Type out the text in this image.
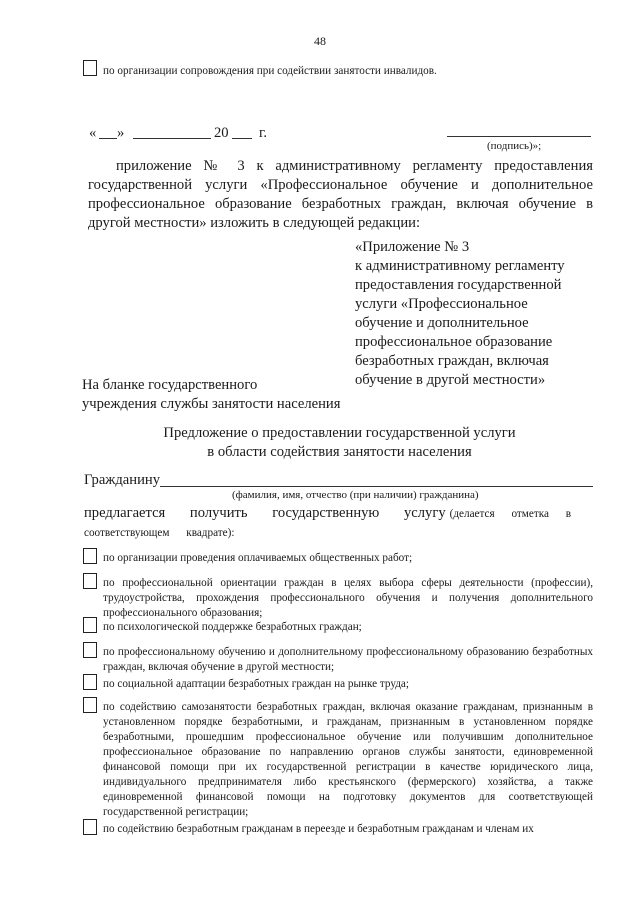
48
по организации сопровождения при содействии занятости инвалидов.
« »	20 г.
(подпись)»;
приложение № 3 к административному регламенту предоставления государственной услуги «Профессиональное обучение и дополнительное профессиональное образование безработных граждан, включая обучение в другой местности» изложить в следующей редакции:
«Приложение № 3
к административному регламенту
предоставления государственной
услуги «Профессиональное
обучение и дополнительное
профессиональное образование
безработных граждан, включая
обучение в другой местности»
На бланке государственного
учреждения службы занятости населения
Предложение о предоставлении государственной услуги
в области содействия занятости населения
Гражданину
(фамилия, имя, отчество (при наличии) гражданина)
предлагается получить государственную услугу (делается отметка в соответствующем квадрате):
по организации проведения оплачиваемых общественных работ;
по профессиональной ориентации граждан в целях выбора сферы деятельности (профессии), трудоустройства, прохождения профессионального обучения и получения дополнительного профессионального образования;
по психологической поддержке безработных граждан;
по профессиональному обучению и дополнительному профессиональному образованию безработных граждан, включая обучение в другой местности;
по социальной адаптации безработных граждан на рынке труда;
по содействию самозанятости безработных граждан, включая оказание гражданам, признанным в установленном порядке безработными, и гражданам, признанным в установленном порядке безработными, прошедшим профессиональное обучение или получившим дополнительное профессиональное образование по направлению органов службы занятости, единовременной финансовой помощи при их государственной регистрации в качестве юридического лица, индивидуального предпринимателя либо крестьянского (фермерского) хозяйства, а также единовременной финансовой помощи на подготовку документов для соответствующей государственной регистрации;
по содействию безработным гражданам в переезде и безработным гражданам и членам их
